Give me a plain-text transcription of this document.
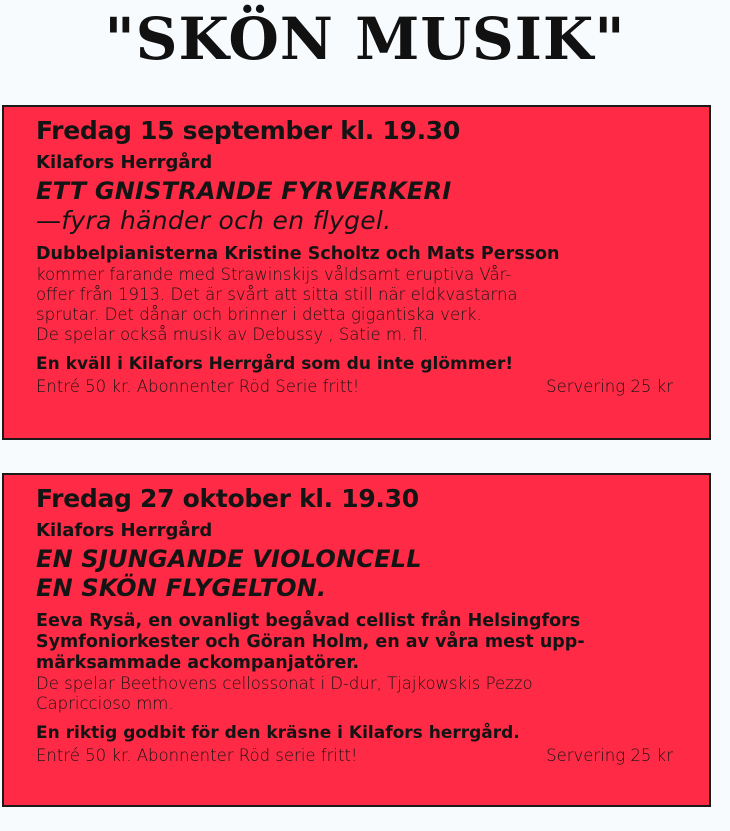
"SKÖN MUSIK"

Fredag 15 september kl. 19.30

Kilafors Herrgård

ETT GNISTRANDE FYRVERKERI

—fyra händer och en flygel.

Dubbelpianisterna Kristine Scholtz och Mats Persson

kommer farande med Strawinskijs våldsamt eruptiva Vår-

offer från 1913. Det är svårt att sitta still när eldkvastarna

sprutar. Det dånar och brinner i detta gigantiska verk.

De spelar också musik av Debussy , Satie m. fl.

En kväll i Kilafors Herrgård som du inte glömmer!

Entré 50 kr. Abonnenter Röd Serie fritt!	Servering 25 kr

Fredag 27 oktober kl. 19.30

Kilafors Herrgård

EN SJUNGANDE VIOLONCELL

EN SKÖN FLYGELTON.

Eeva Rysä, en ovanligt begåvad cellist från Helsingfors

Symfoniorkester och Göran Holm, en av våra mest upp-

märksammade ackompanjatörer.

De spelar Beethovens cellossonat i D-dur, Tjajkowskis Pezzo

Capriccioso mm.

En riktig godbit för den kräsne i Kilafors herrgård.

Entré 50 kr. Abonnenter Röd serie fritt!	Servering 25 kr
